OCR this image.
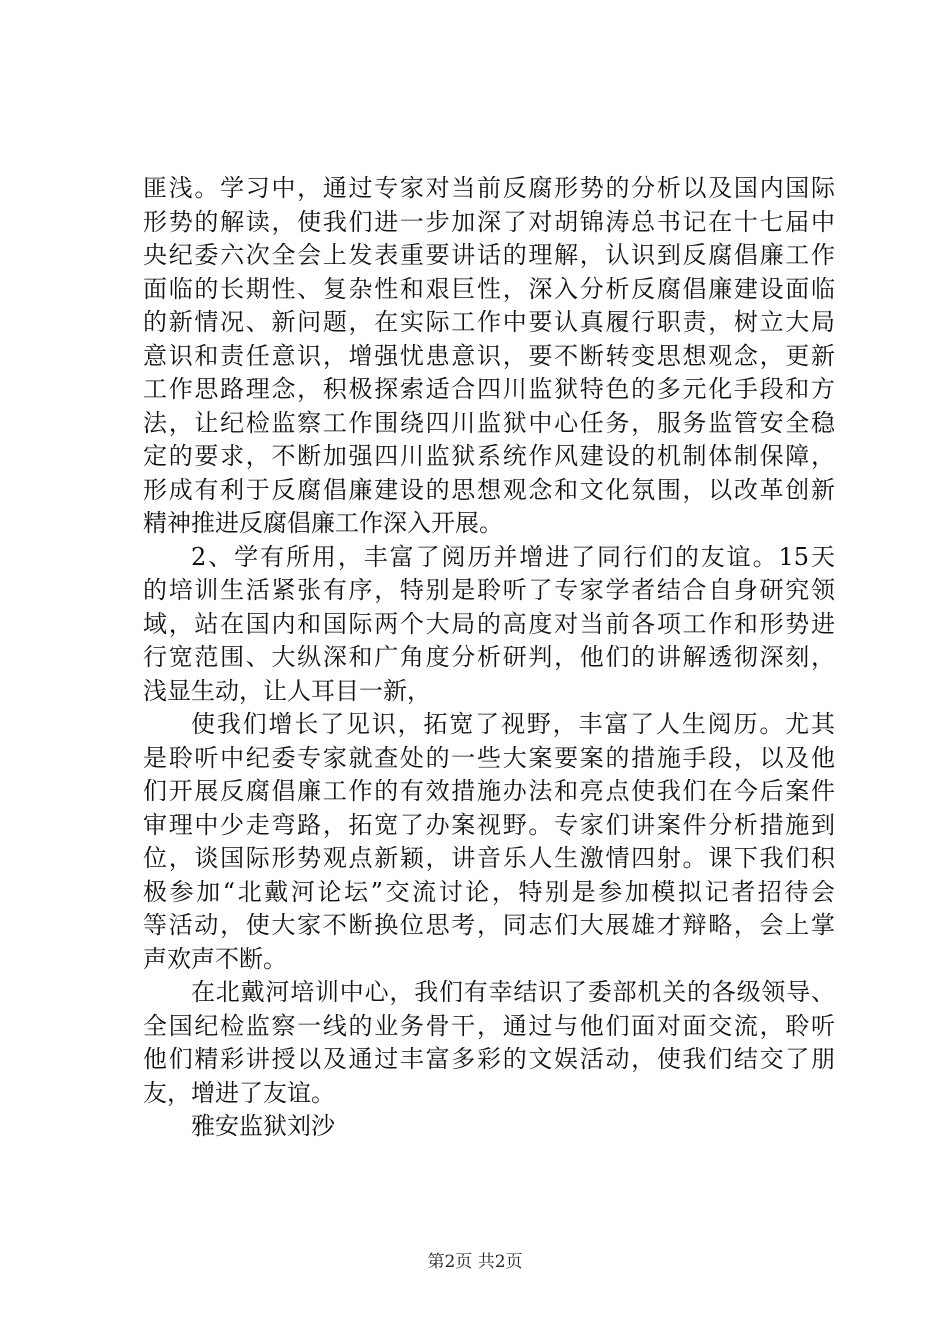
匪浅。学习中，通过专家对当前反腐形势的分析以及国内国际
形势的解读，使我们进一步加深了对胡锦涛总书记在十七届中
央纪委六次全会上发表重要讲话的理解，认识到反腐倡廉工作
面临的长期性、复杂性和艰巨性，深入分析反腐倡廉建设面临
的新情况、新问题，在实际工作中要认真履行职责，树立大局
意识和责任意识，增强忧患意识，要不断转变思想观念，更新
工作思路理念，积极探索适合四川监狱特色的多元化手段和方
法，让纪检监察工作围绕四川监狱中心任务，服务监管安全稳
定的要求，不断加强四川监狱系统作风建设的机制体制保障，
形成有利于反腐倡廉建设的思想观念和文化氛围，以改革创新
精神推进反腐倡廉工作深入开展。
2、学有所用，丰富了阅历并增进了同行们的友谊。15天
的培训生活紧张有序，特别是聆听了专家学者结合自身研究领
域，站在国内和国际两个大局的高度对当前各项工作和形势进
行宽范围、大纵深和广角度分析研判，他们的讲解透彻深刻，
浅显生动，让人耳目一新，
使我们增长了见识，拓宽了视野，丰富了人生阅历。尤其
是聆听中纪委专家就查处的一些大案要案的措施手段，以及他
们开展反腐倡廉工作的有效措施办法和亮点使我们在今后案件
审理中少走弯路，拓宽了办案视野。专家们讲案件分析措施到
位，谈国际形势观点新颖，讲音乐人生激情四射。课下我们积
极参加“北戴河论坛”交流讨论，特别是参加模拟记者招待会
等活动，使大家不断换位思考，同志们大展雄才辩略，会上掌
声欢声不断。
在北戴河培训中心，我们有幸结识了委部机关的各级领导、
全国纪检监察一线的业务骨干，通过与他们面对面交流，聆听
他们精彩讲授以及通过丰富多彩的文娱活动，使我们结交了朋
友，增进了友谊。
雅安监狱刘沙
第2页 共2页
